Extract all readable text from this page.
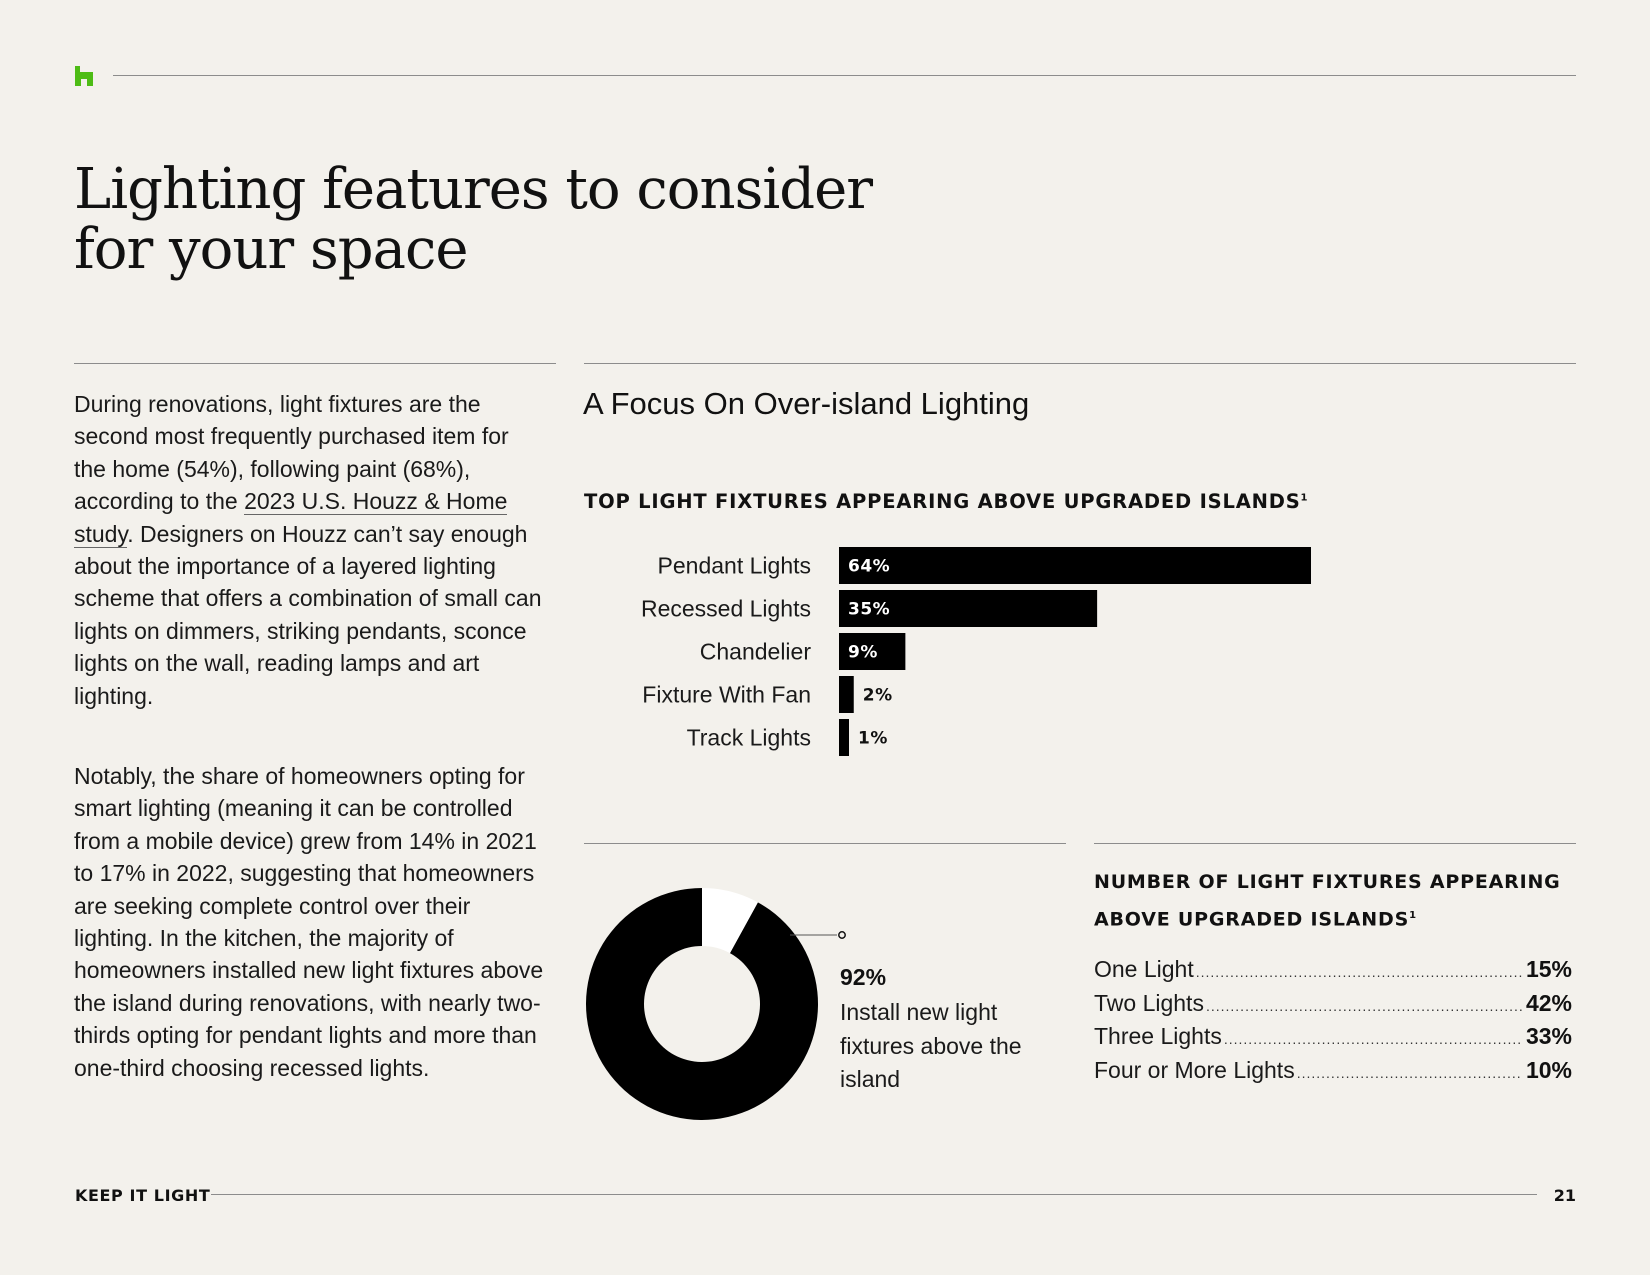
Lighting features to consider
for your space

During renovations, light fixtures are the second most frequently purchased item for the home (54%), following paint (68%), according to the 2023 U.S. Houzz & Home study. Designers on Houzz can’t say enough about the importance of a layered lighting scheme that offers a combination of small can lights on dimmers, striking pendants, sconce lights on the wall, reading lamps and art lighting.

Notably, the share of homeowners opting for smart lighting (meaning it can be controlled from a mobile device) grew from 14% in 2021 to 17% in 2022, suggesting that homeowners are seeking complete control over their lighting. In the kitchen, the majority of homeowners installed new light fixtures above the island during renovations, with nearly two-thirds opting for pendant lights and more than one-third choosing recessed lights.

A Focus On Over-island Lighting
TOP LIGHT FIXTURES APPEARING ABOVE UPGRADED ISLANDS$^1$
Pendant Lights 64%
Recessed Lights 35%
Chandelier 9%
Fixture With Fan	2%
Track Lights	1%
92%

Install new light fixtures above the island

NUMBER OF LIGHT FIXTURES APPEARING
ABOVE UPGRADED ISLANDS$^1$

One Light .....	15%
Two Lights .....	42%
Three Lights .....	33%
Four or More Lights .....	10%
KEEP IT LIGHT	21
